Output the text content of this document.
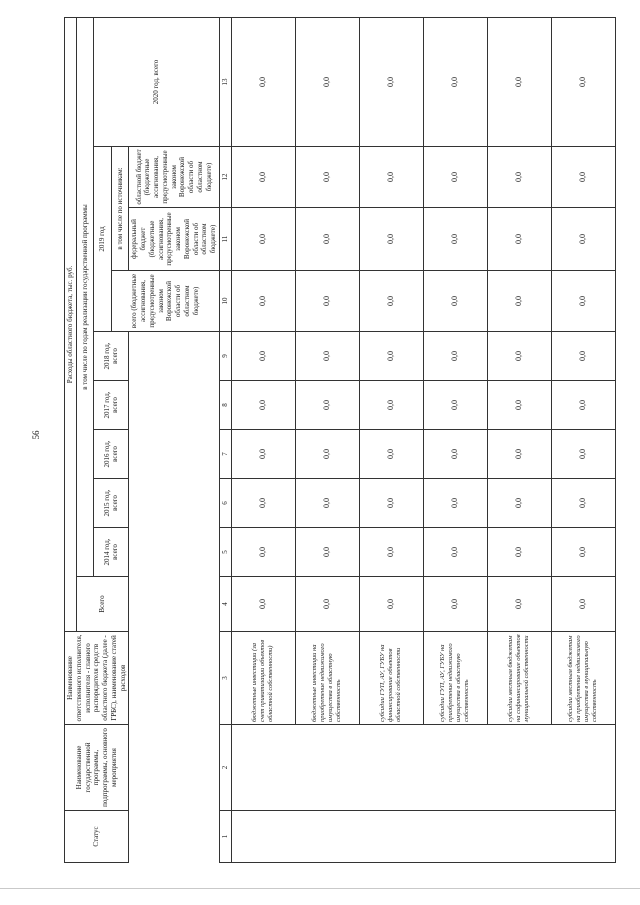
56
Статус	Наименование государственной программы, подпрограммы, основного мероприятия	Наименование ответственного исполнителя, исполнителя - главного распорядителя средств областного бюджета (далее - ГРБС), наименование статей расходов	Расходы областного бюджета, тыс. руб.									
			Всего	в том числе по годам реализации государственной программы								
				2014 год, всего	2015 год, всего	2016 год, всего	2017 год, всего	2018 год, всего	2019 год			2020 год, всего
									всего (бюджетные ассигнования, предусмотренные законом Воронежской области об областном бюджете)	в том числе по источникам:		
										федеральный бюджет (бюджетные ассигнования, предусмотренные законом Воронежской области об областном бюджете)	областной бюджет (бюджетные ассигнования, предусмотренные законом Воронежской области об областном бюджете)	
1	2	3	4	5	6	7	8	9	10	11	12	13
		бюджетные инвестиции (за счет приватизации объектов областной собственности)	0,0	0,0	0,0	0,0	0,0	0,0	0,0	0,0	0,0	0,0
		бюджетные инвестиции на приобретение недвижимого имущества в областную собственность	0,0	0,0	0,0	0,0	0,0	0,0	0,0	0,0	0,0	0,0
		субсидии ГУП, АУ, ГУБУ на финансирование объектов областной собственности	0,0	0,0	0,0	0,0	0,0	0,0	0,0	0,0	0,0	0,0
		субсидии ГУП, АУ, ГУБУ на приобретение недвижимого имущества в областную собственность	0,0	0,0	0,0	0,0	0,0	0,0	0,0	0,0	0,0	0,0
		субсидии местным бюджетам на софинансирование объектов муниципальной собственности	0,0	0,0	0,0	0,0	0,0	0,0	0,0	0,0	0,0	0,0
		субсидии местным бюджетам на приобретение недвижимого имущества в муниципальную собственность	0,0	0,0	0,0	0,0	0,0	0,0	0,0	0,0	0,0	0,0
